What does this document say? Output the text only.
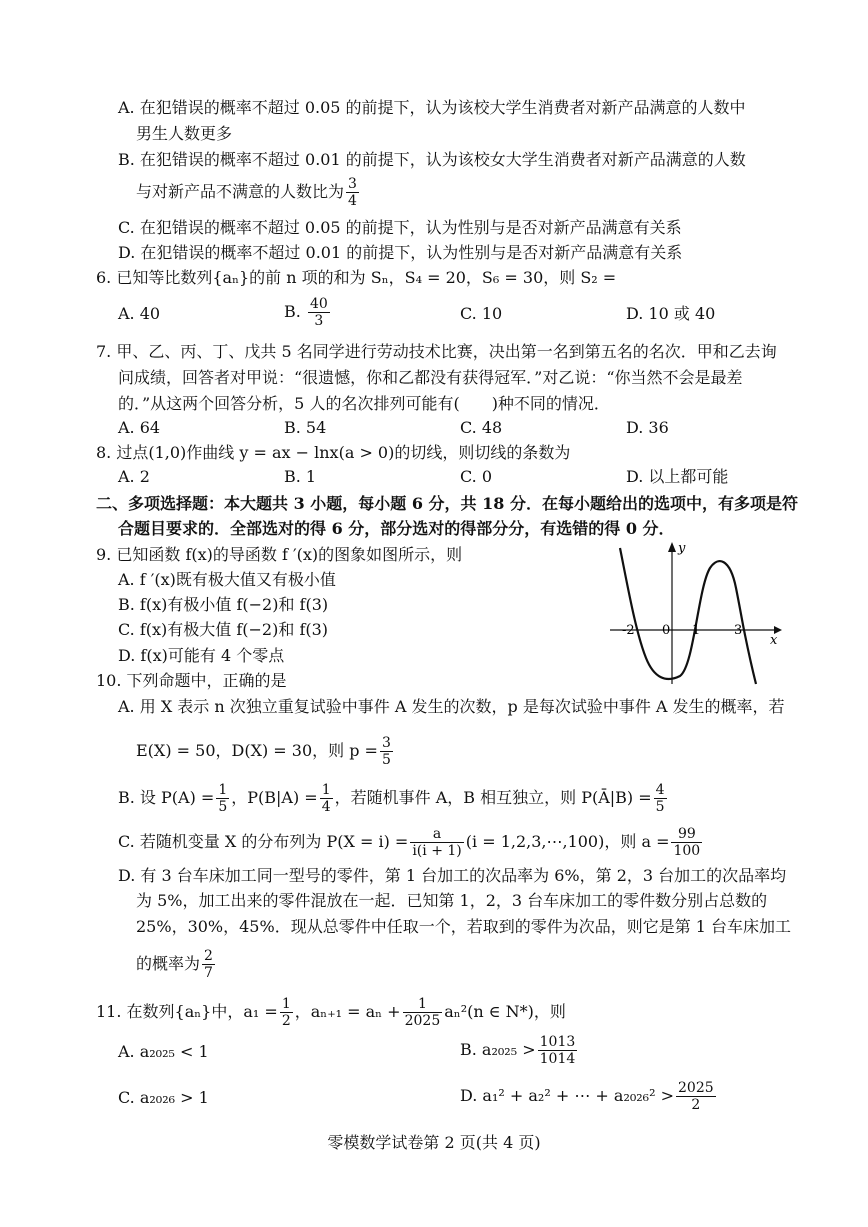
A. 在犯错误的概率不超过 0.05 的前提下，认为该校大学生消费者对新产品满意的人数中
男生人数更多
B. 在犯错误的概率不超过 0.01 的前提下，认为该校女大学生消费者对新产品满意的人数
与对新产品不满意的人数比为 $\frac{3}{4}$
C. 在犯错误的概率不超过 0.05 的前提下，认为性别与是否对新产品满意有关系
D. 在犯错误的概率不超过 0.01 的前提下，认为性别与是否对新产品满意有关系
6. 已知等比数列{aₙ}的前 n 项的和为 Sₙ，S₄ = 20，S₆ = 30，则 S₂ =
A. 40	B. $\frac{40}{3}$	C. 10	D. 10 或 40
7. 甲、乙、丙、丁、戊共 5 名同学进行劳动技术比赛，决出第一名到第五名的名次．甲和乙去询
问成绩，回答者对甲说：“很遗憾，你和乙都没有获得冠军．”对乙说：“你当然不会是最差
的．”从这两个回答分析，5 人的名次排列可能有(　　)种不同的情况．
A. 64	B. 54	C. 48	D. 36
8. 过点(1,0)作曲线 y = ax − lnx(a > 0)的切线，则切线的条数为
A. 2	B. 1	C. 0	D. 以上都可能
二、多项选择题：本大题共 3 小题，每小题 6 分，共 18 分．在每小题给出的选项中，有多项是符
合题目要求的．全部选对的得 6 分，部分选对的得部分分，有选错的得 0 分．
9. 已知函数 f(x)的导函数 f ′(x)的图象如图所示，则
A. f ′(x)既有极大值又有极小值
B. f(x)有极小值 f(−2)和 f(3)
C. f(x)有极大值 f(−2)和 f(3)
D. f(x)可能有 4 个零点
y
x
-2 0 1	3
10. 下列命题中，正确的是
A. 用 X 表示 n 次独立重复试验中事件 A 发生的次数，p 是每次试验中事件 A 发生的概率，若
E(X) = 50，D(X) = 30，则 $p = \frac{3}{5}$
B. 设 $P(A) = \frac{1}{5}$ ，$P(B|A) = \frac{1}{4}$ ，若随机事件 A，B 相互独立，则 P(Ā|B) = $\frac{4}{5}$
C. 若随机变量 X 的分布列为 $P(X = i) = \frac{a}{i(i + 1)} (i$ = 1,2,3,⋯,100)，则 $a = \frac{99}{100}$
D. 有 3 台车床加工同一型号的零件，第 1 台加工的次品率为 6%，第 2，3 台加工的次品率均
为 5%，加工出来的零件混放在一起．已知第 1，2，3 台车床加工的零件数分别占总数的
25%，30%，45%．现从总零件中任取一个，若取到的零件为次品，则它是第 1 台车床加工
的概率为 $\frac{2}{7}$
11. 在数列{aₙ}中，$a_1 = \frac{1}{2}$ ，$a_{n+1} = a_n + \frac{1}{2025} a_n^2(n$ ∈ N*)，则
A. a₂₀₂₅ < 1	B. $a_{2025} > \frac{1013}{1014}$
C. a₂₀₂₆ > 1	D. a₁² + a₂² + ⋯ + $a_{2026}^2 > \frac{2025}{2}$
零模数学试卷第 2 页(共 4 页)
